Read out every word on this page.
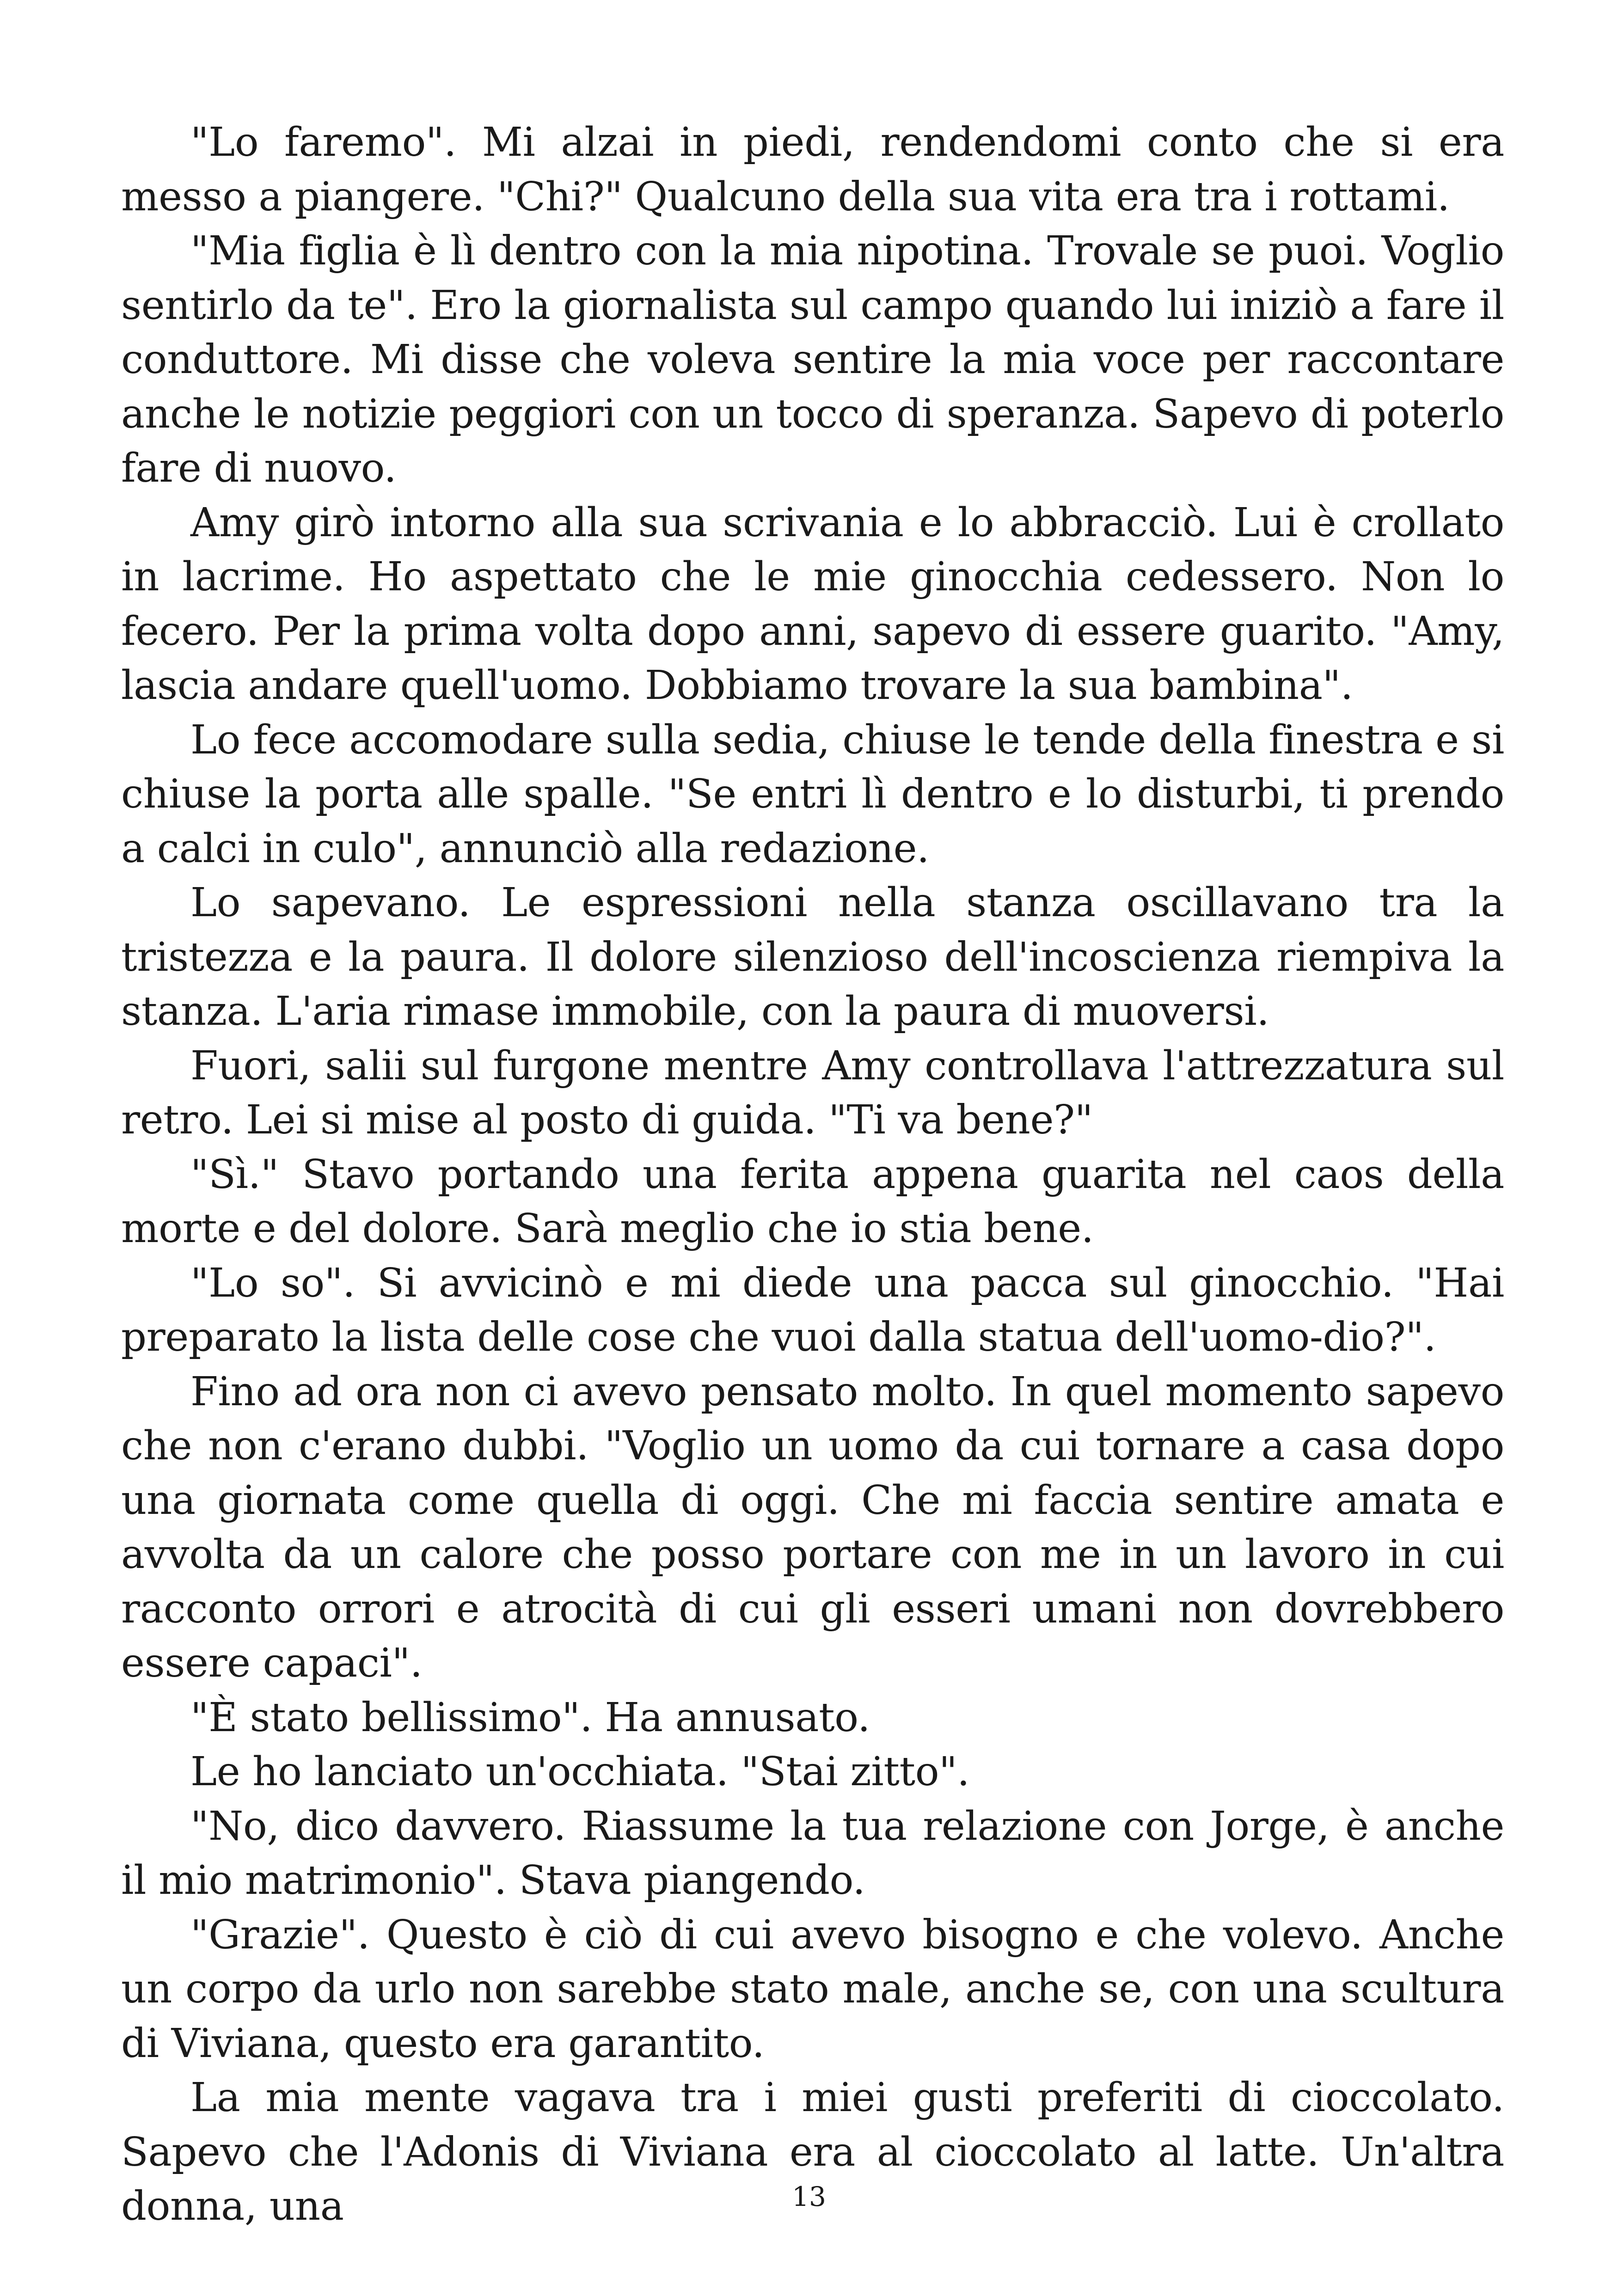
"Lo faremo". Mi alzai in piedi, rendendomi conto che si era messo a piangere. "Chi?" Qualcuno della sua vita era tra i rottami.

"Mia figlia è lì dentro con la mia nipotina. Trovale se puoi. Voglio sentirlo da te". Ero la giornalista sul campo quando lui iniziò a fare il conduttore. Mi disse che voleva sentire la mia voce per raccontare anche le notizie peggiori con un tocco di speranza. Sapevo di poterlo fare di nuovo.

Amy girò intorno alla sua scrivania e lo abbracciò. Lui è crollato in lacrime. Ho aspettato che le mie ginocchia cedessero. Non lo fecero. Per la prima volta dopo anni, sapevo di essere guarito. "Amy, lascia andare quell'uomo. Dobbiamo trovare la sua bambina".

Lo fece accomodare sulla sedia, chiuse le tende della finestra e si chiuse la porta alle spalle. "Se entri lì dentro e lo disturbi, ti prendo a calci in culo", annunciò alla redazione.

Lo sapevano. Le espressioni nella stanza oscillavano tra la tristezza e la paura. Il dolore silenzioso dell'incoscienza riempiva la stanza. L'aria rimase immobile, con la paura di muoversi.

Fuori, salii sul furgone mentre Amy controllava l'attrezzatura sul retro. Lei si mise al posto di guida. "Ti va bene?"

"Sì." Stavo portando una ferita appena guarita nel caos della morte e del dolore. Sarà meglio che io stia bene.

"Lo so". Si avvicinò e mi diede una pacca sul ginocchio. "Hai preparato la lista delle cose che vuoi dalla statua dell'uomo-dio?".

Fino ad ora non ci avevo pensato molto. In quel momento sapevo che non c'erano dubbi. "Voglio un uomo da cui tornare a casa dopo una giornata come quella di oggi. Che mi faccia sentire amata e avvolta da un calore che posso portare con me in un lavoro in cui racconto orrori e atrocità di cui gli esseri umani non dovrebbero essere capaci".

"È stato bellissimo". Ha annusato.

Le ho lanciato un'occhiata. "Stai zitto".

"No, dico davvero. Riassume la tua relazione con Jorge, è anche il mio matrimonio". Stava piangendo.

"Grazie". Questo è ciò di cui avevo bisogno e che volevo. Anche un corpo da urlo non sarebbe stato male, anche se, con una scultura di Viviana, questo era garantito.

La mia mente vagava tra i miei gusti preferiti di cioccolato. Sapevo che l'Adonis di Viviana era al cioccolato al latte. Un'altra donna, una	13
